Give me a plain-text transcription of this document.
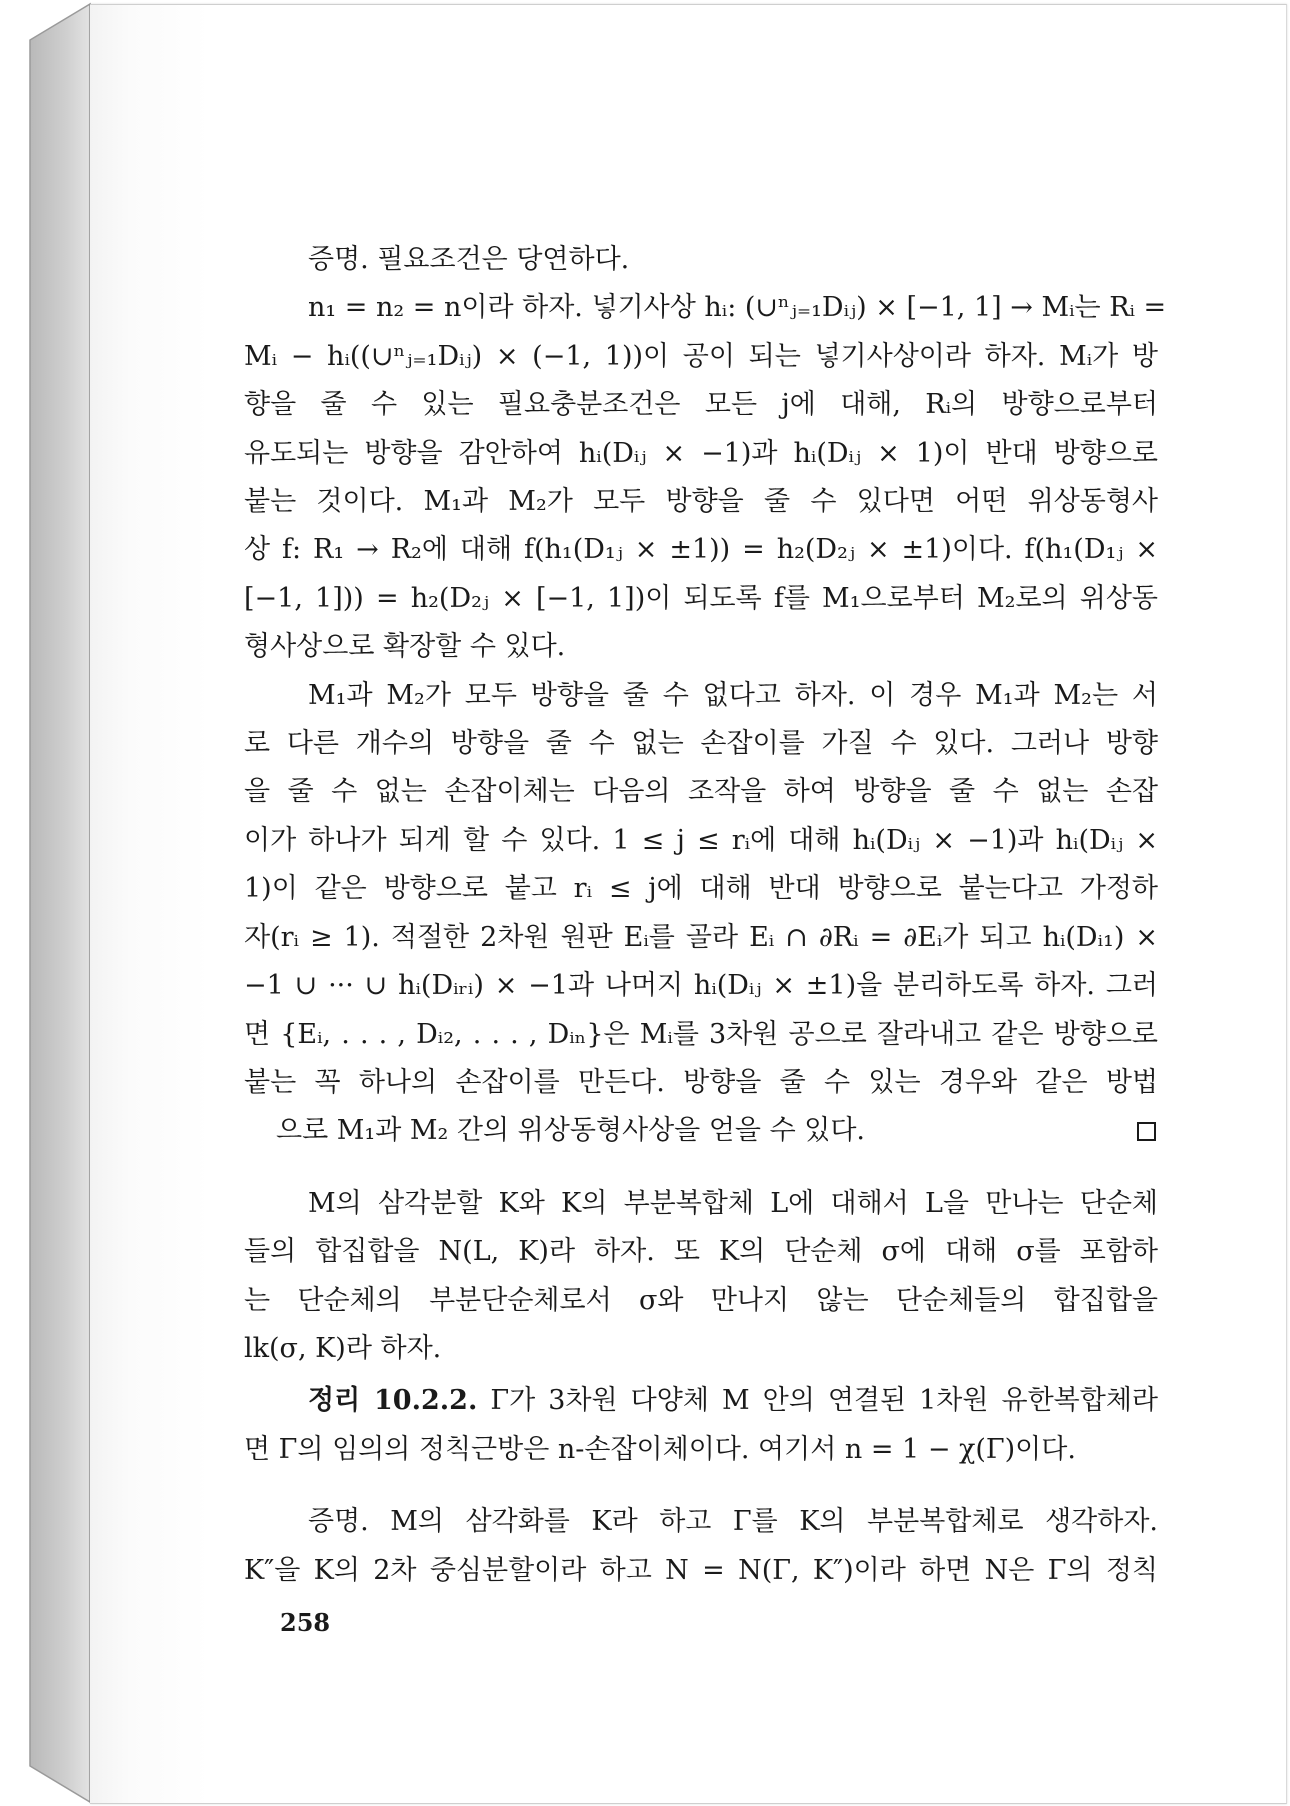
증명. 필요조건은 당연하다.

n₁ = n₂ = n이라 하자. 넣기사상 hᵢ: (∪ⁿⱼ₌₁Dᵢⱼ) × [−1, 1] → Mᵢ는 Rᵢ =
Mᵢ − hᵢ((∪ⁿⱼ₌₁Dᵢⱼ) × (−1, 1))이 공이 되는 넣기사상이라 하자. Mᵢ가 방
향을 줄 수 있는 필요충분조건은 모든 j에 대해, Rᵢ의 방향으로부터
유도되는 방향을 감안하여 hᵢ(Dᵢⱼ × −1)과 hᵢ(Dᵢⱼ × 1)이 반대 방향으로
붙는 것이다. M₁과 M₂가 모두 방향을 줄 수 있다면 어떤 위상동형사
상 f: R₁ → R₂에 대해 f(h₁(D₁ⱼ × ±1)) = h₂(D₂ⱼ × ±1)이다. f(h₁(D₁ⱼ ×
[−1, 1])) = h₂(D₂ⱼ × [−1, 1])이 되도록 f를 M₁으로부터 M₂로의 위상동
형사상으로 확장할 수 있다.

M₁과 M₂가 모두 방향을 줄 수 없다고 하자. 이 경우 M₁과 M₂는 서
로 다른 개수의 방향을 줄 수 없는 손잡이를 가질 수 있다. 그러나 방향
을 줄 수 없는 손잡이체는 다음의 조작을 하여 방향을 줄 수 없는 손잡
이가 하나가 되게 할 수 있다. 1 ≤ j ≤ rᵢ에 대해 hᵢ(Dᵢⱼ × −1)과 hᵢ(Dᵢⱼ ×
1)이 같은 방향으로 붙고 rᵢ ≤ j에 대해 반대 방향으로 붙는다고 가정하
자(rᵢ ≥ 1). 적절한 2차원 원판 Eᵢ를 골라 Eᵢ ∩ ∂Rᵢ = ∂Eᵢ가 되고 hᵢ(Dᵢ₁) ×
−1 ∪ ··· ∪ hᵢ(Dᵢᵣᵢ) × −1과 나머지 hᵢ(Dᵢⱼ × ±1)을 분리하도록 하자. 그러
면 {Eᵢ, . . . , Dᵢ₂, . . . , Dᵢₙ}은 Mᵢ를 3차원 공으로 잘라내고 같은 방향으로
붙는 꼭 하나의 손잡이를 만든다. 방향을 줄 수 있는 경우와 같은 방법
으로 M₁과 M₂ 간의 위상동형사상을 얻을 수 있다.

M의 삼각분할 K와 K의 부분복합체 L에 대해서 L을 만나는 단순체
들의 합집합을 N(L, K)라 하자. 또 K의 단순체 σ에 대해 σ를 포함하
는 단순체의 부분단순체로서 σ와 만나지 않는 단순체들의 합집합을
lk(σ, K)라 하자.

정리 10.2.2. Γ가 3차원 다양체 M 안의 연결된 1차원 유한복합체라
면 Γ의 임의의 정칙근방은 n-손잡이체이다. 여기서 n = 1 − χ(Γ)이다.

증명. M의 삼각화를 K라 하고 Γ를 K의 부분복합체로 생각하자.
K″을 K의 2차 중심분할이라 하고 N = N(Γ, K″)이라 하면 N은 Γ의 정칙

258
